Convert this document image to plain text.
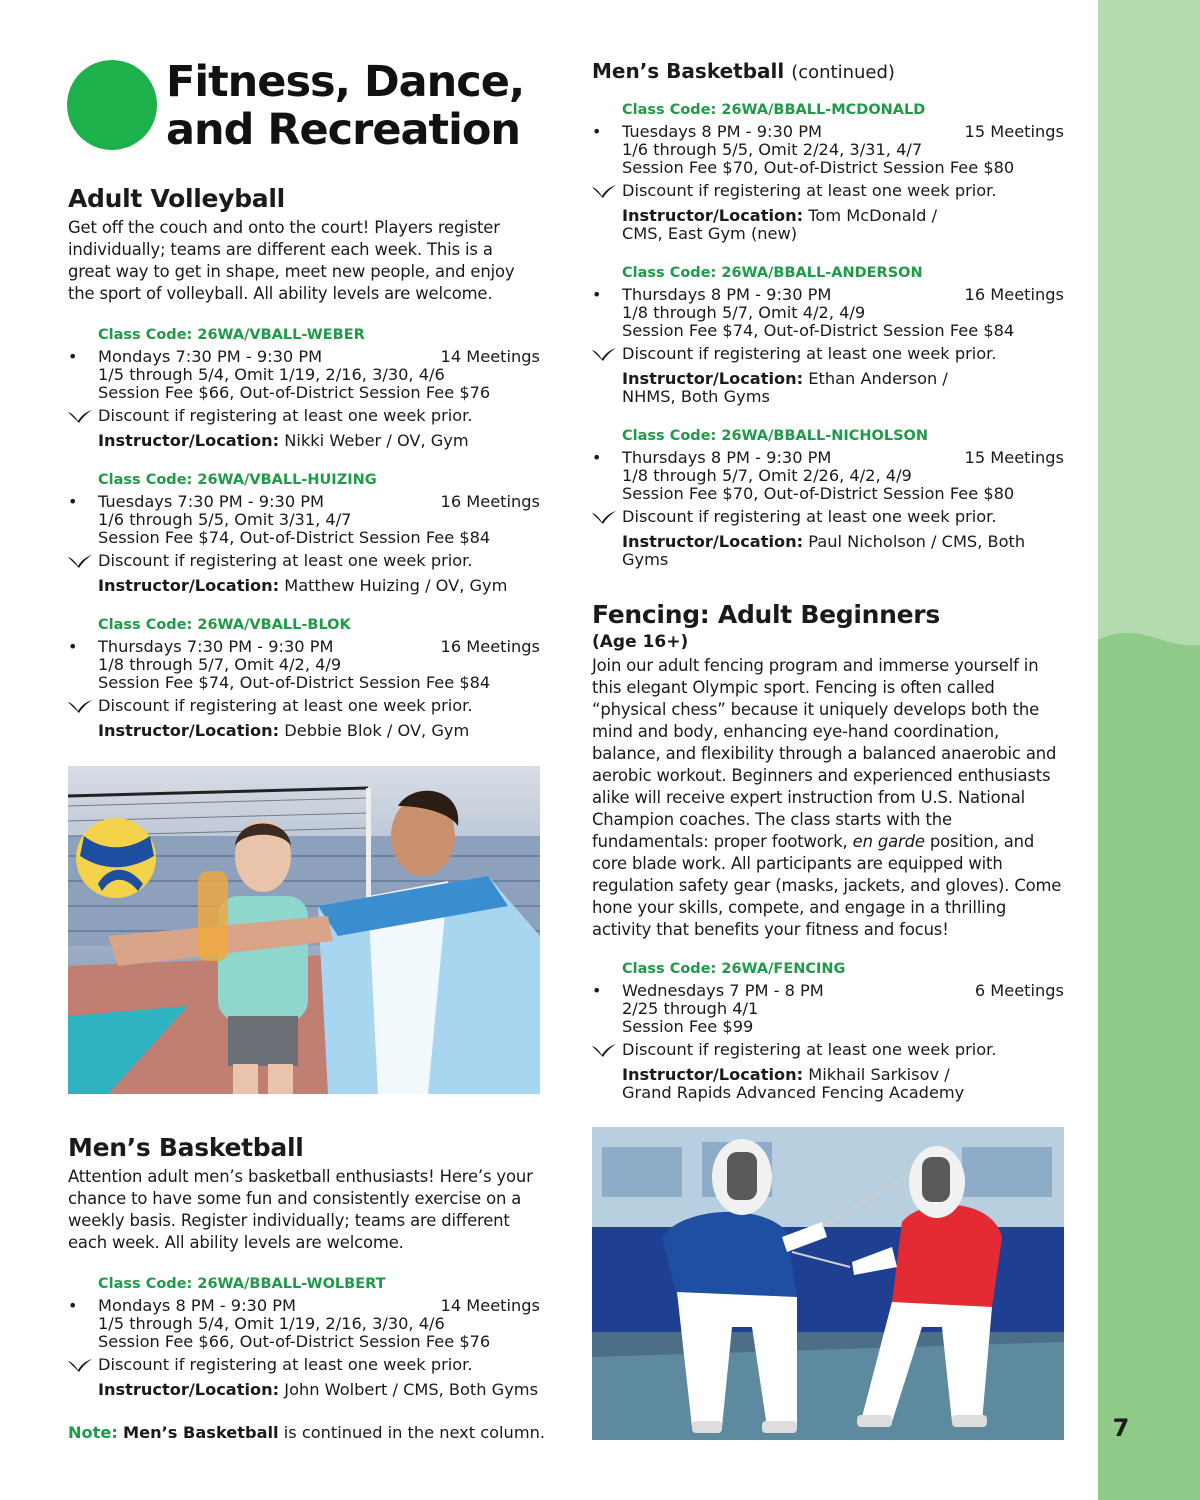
7
Fitness, Dance,
and Recreation
Adult Volleyball

Get off the couch and onto the court! Players register individually; teams are different each week. This is a great way to get in shape, meet new people, and enjoy the sport of volleyball. All ability levels are welcome.

Class Code: 26WA/VBALL-WEBER
• Mondays 7:30 PM - 9:30 PM	14 Meetings
1/5 through 5/4, Omit 1/19, 2/16, 3/30, 4/6
Session Fee $66, Out-of-District Session Fee $76
Discount if registering at least one week prior.
Instructor/Location: Nikki Weber / OV, Gym
Class Code: 26WA/VBALL-HUIZING
• Tuesdays 7:30 PM - 9:30 PM	16 Meetings
1/6 through 5/5, Omit 3/31, 4/7
Session Fee $74, Out-of-District Session Fee $84
Discount if registering at least one week prior.
Instructor/Location: Matthew Huizing / OV, Gym
Class Code: 26WA/VBALL-BLOK
• Thursdays 7:30 PM - 9:30 PM	16 Meetings
1/8 through 5/7, Omit 4/2, 4/9
Session Fee $74, Out-of-District Session Fee $84
Discount if registering at least one week prior.
Instructor/Location: Debbie Blok / OV, Gym
Men’s Basketball

Attention adult men’s basketball enthusiasts! Here’s your chance to have some fun and consistently exercise on a weekly basis. Register individually; teams are different each week. All ability levels are welcome.

Class Code: 26WA/BBALL-WOLBERT
• Mondays 8 PM - 9:30 PM	14 Meetings
1/5 through 5/4, Omit 1/19, 2/16, 3/30, 4/6
Session Fee $66, Out-of-District Session Fee $76
Discount if registering at least one week prior.
Instructor/Location: John Wolbert / CMS, Both Gyms
Note: Men’s Basketball is continued in the next column.
Men’s Basketball (continued)
Class Code: 26WA/BBALL-MCDONALD
• Tuesdays 8 PM - 9:30 PM	15 Meetings
1/6 through 5/5, Omit 2/24, 3/31, 4/7
Session Fee $70, Out-of-District Session Fee $80
Discount if registering at least one week prior.
Instructor/Location: Tom McDonald /
CMS, East Gym (new)
Class Code: 26WA/BBALL-ANDERSON
• Thursdays 8 PM - 9:30 PM	16 Meetings
1/8 through 5/7, Omit 4/2, 4/9
Session Fee $74, Out-of-District Session Fee $84
Discount if registering at least one week prior.
Instructor/Location: Ethan Anderson /
NHMS, Both Gyms
Class Code: 26WA/BBALL-NICHOLSON
• Thursdays 8 PM - 9:30 PM	15 Meetings
1/8 through 5/7, Omit 2/26, 4/2, 4/9
Session Fee $70, Out-of-District Session Fee $80
Discount if registering at least one week prior.
Instructor/Location: Paul Nicholson / CMS, Both Gyms
Fencing: Adult Beginners
(Age 16+)

Join our adult fencing program and immerse yourself in this elegant Olympic sport. Fencing is often called “physical chess” because it uniquely develops both the mind and body, enhancing eye-hand coordination, balance, and flexibility through a balanced anaerobic and aerobic workout. Beginners and experienced enthusiasts alike will receive expert instruction from U.S. National Champion coaches. The class starts with the fundamentals: proper footwork, en garde position, and core blade work. All participants are equipped with regulation safety gear (masks, jackets, and gloves). Come hone your skills, compete, and engage in a thrilling activity that benefits your fitness and focus!

Class Code: 26WA/FENCING
• Wednesdays 7 PM - 8 PM	6 Meetings
2/25 through 4/1
Session Fee $99
Discount if registering at least one week prior.
Instructor/Location: Mikhail Sarkisov /
Grand Rapids Advanced Fencing Academy
